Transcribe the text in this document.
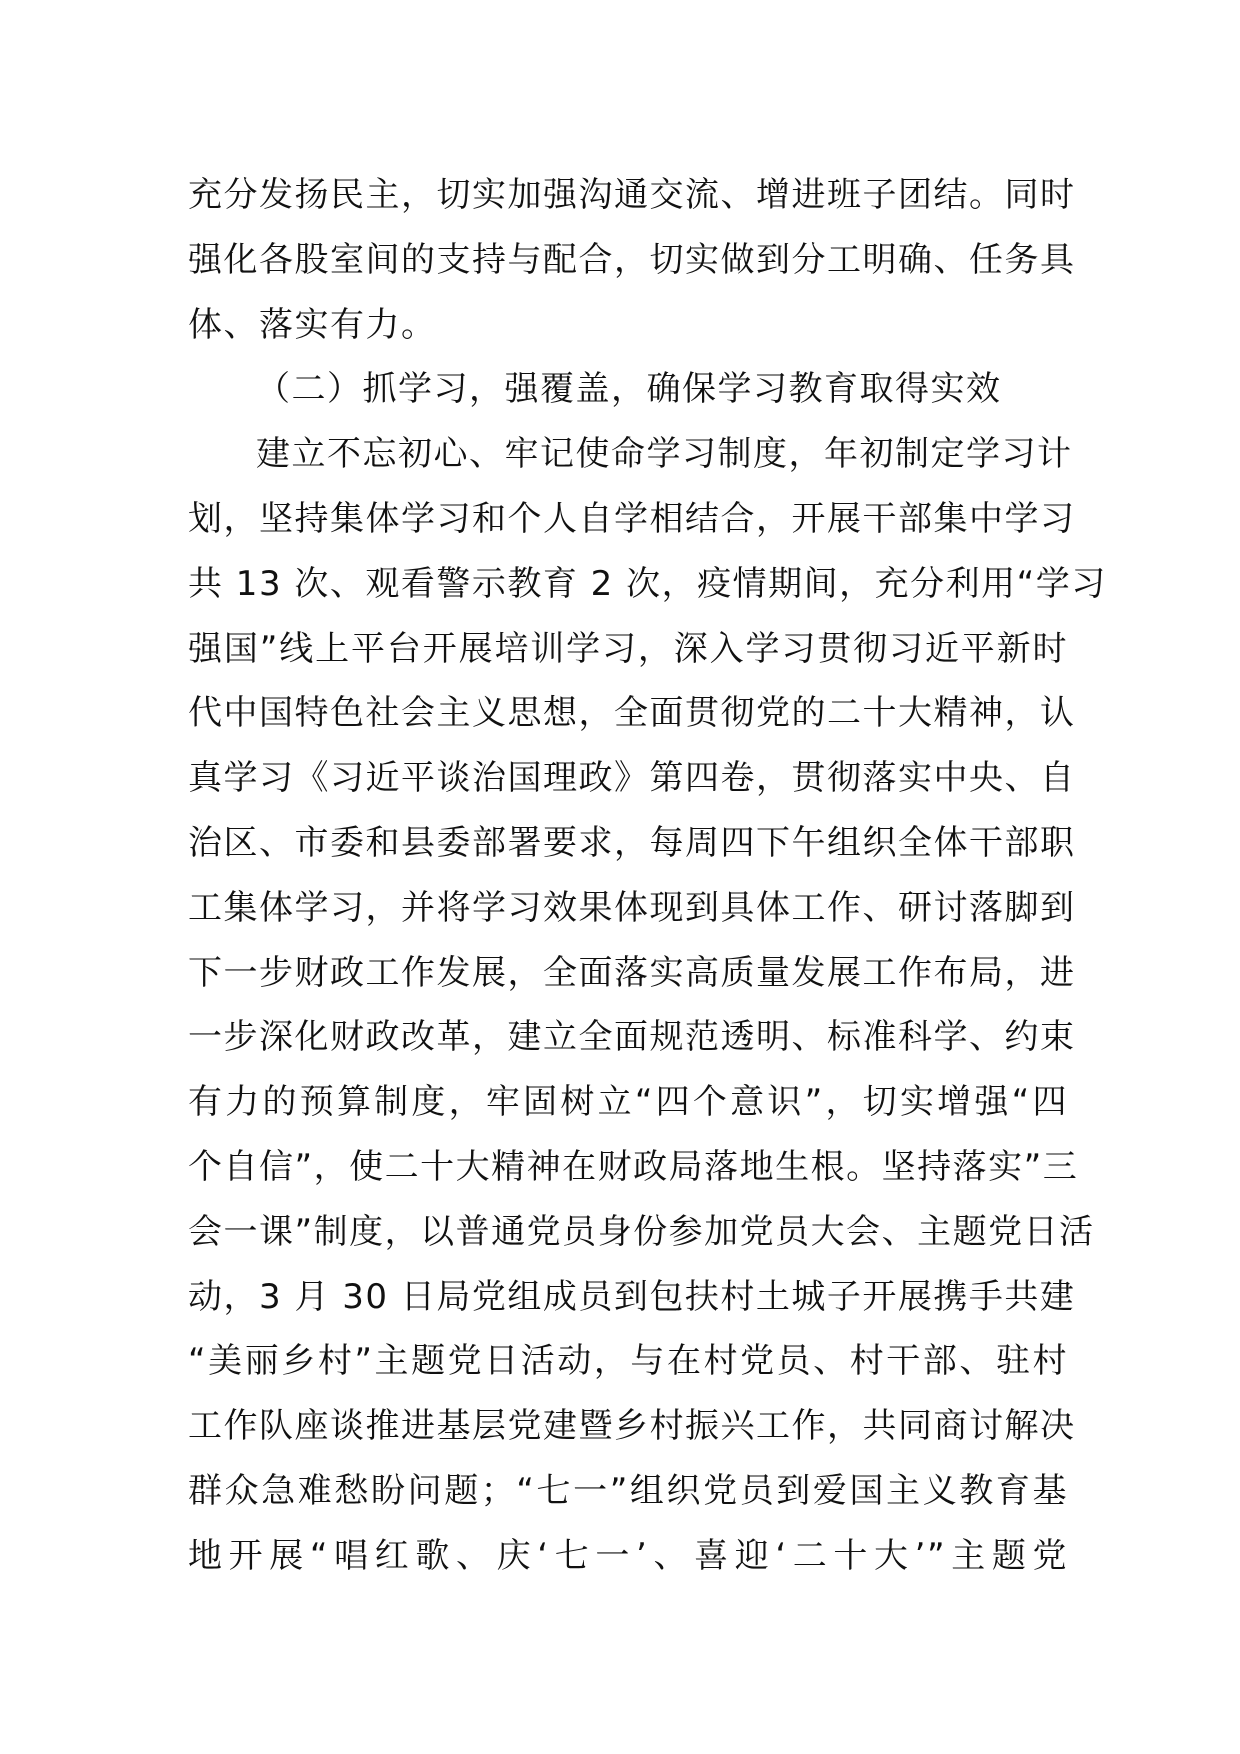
充分发扬民主，切实加强沟通交流、增进班子团结。同时
强化各股室间的支持与配合，切实做到分工明确、任务具
体、落实有力。
（二）抓学习，强覆盖，确保学习教育取得实效
建立不忘初心、牢记使命学习制度，年初制定学习计
划，坚持集体学习和个人自学相结合，开展干部集中学习
共 13 次、观看警示教育 2 次，疫情期间，充分利用“学习
强国”线上平台开展培训学习，深入学习贯彻习近平新时
代中国特色社会主义思想，全面贯彻党的二十大精神，认
真学习《习近平谈治国理政》第四卷，贯彻落实中央、自
治区、市委和县委部署要求，每周四下午组织全体干部职
工集体学习，并将学习效果体现到具体工作、研讨落脚到
下一步财政工作发展，全面落实高质量发展工作布局，进
一步深化财政改革，建立全面规范透明、标准科学、约束
有力的预算制度，牢固树立“四个意识”，切实增强“四
个自信”，使二十大精神在财政局落地生根。坚持落实”三
会一课”制度，以普通党员身份参加党员大会、主题党日活
动，3 月 30 日局党组成员到包扶村土城子开展携手共建
“美丽乡村”主题党日活动，与在村党员、村干部、驻村
工作队座谈推进基层党建暨乡村振兴工作，共同商讨解决
群众急难愁盼问题；“七一”组织党员到爱国主义教育基
地开展“唱红歌、庆‘七一’、喜迎‘二十大’”主题党
